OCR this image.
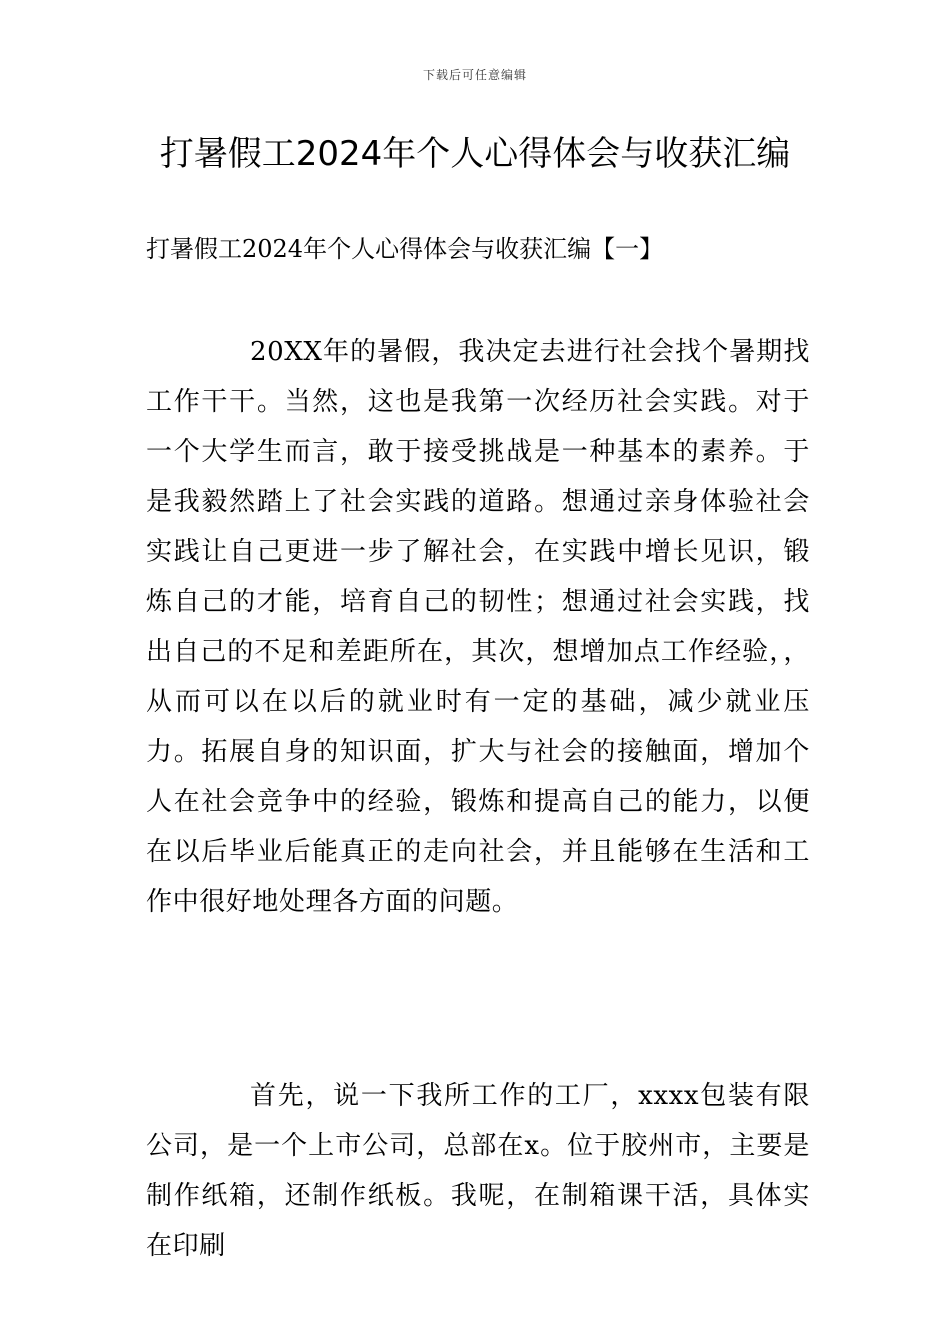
下载后可任意编辑
打暑假工2024年个人心得体会与收获汇编
打暑假工2024年个人心得体会与收获汇编【一】

20XX年的暑假，我决定去进行社会找个暑期找工作干干。当然，这也是我第一次经历社会实践。对于一个大学生而言，敢于接受挑战是一种基本的素养。于是我毅然踏上了社会实践的道路。想通过亲身体验社会实践让自己更进一步了解社会，在实践中增长见识，锻炼自己的才能，培育自己的韧性；想通过社会实践，找出自己的不足和差距所在，其次，想增加点工作经验，，从而可以在以后的就业时有一定的基础，减少就业压力。拓展自身的知识面，扩大与社会的接触面，增加个人在社会竞争中的经验，锻炼和提高自己的能力，以便在以后毕业后能真正的走向社会，并且能够在生活和工作中很好地处理各方面的问题。

首先，说一下我所工作的工厂，xxxx包装有限公司，是一个上市公司，总部在x。位于胶州市，主要是制作纸箱，还制作纸板。我呢，在制箱课干活，具体实在印刷
